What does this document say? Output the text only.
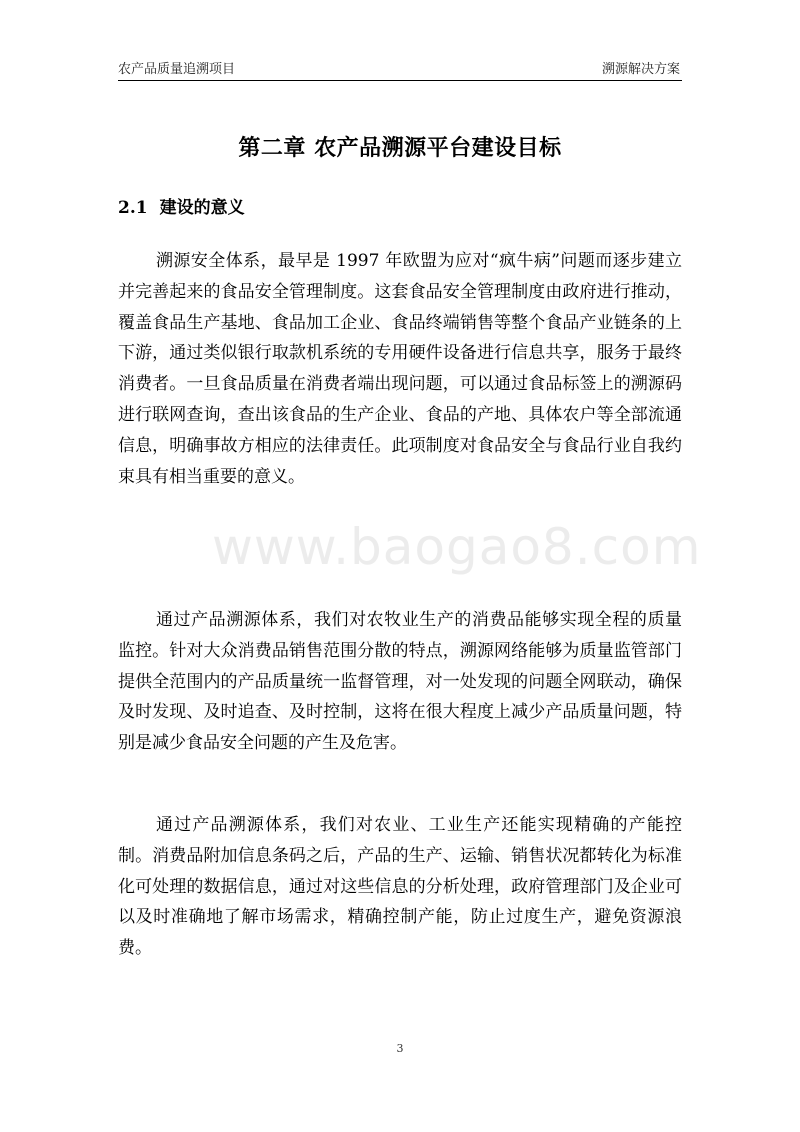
农产品质量追溯项目	溯源解决方案
第二章 农产品溯源平台建设目标
2.1 建设的意义
www.baogao8.com

溯源安全体系，最早是 1997 年欧盟为应对“疯牛病”问题而逐步建立并完善起来的食品安全管理制度。这套食品安全管理制度由政府进行推动，覆盖食品生产基地、食品加工企业、食品终端销售等整个食品产业链条的上下游，通过类似银行取款机系统的专用硬件设备进行信息共享，服务于最终消费者。一旦食品质量在消费者端出现问题，可以通过食品标签上的溯源码进行联网查询，查出该食品的生产企业、食品的产地、具体农户等全部流通信息，明确事故方相应的法律责任。此项制度对食品安全与食品行业自我约束具有相当重要的意义。

通过产品溯源体系，我们对农牧业生产的消费品能够实现全程的质量监控。针对大众消费品销售范围分散的特点，溯源网络能够为质量监管部门提供全范围内的产品质量统一监督管理，对一处发现的问题全网联动，确保及时发现、及时追查、及时控制，这将在很大程度上减少产品质量问题，特别是减少食品安全问题的产生及危害。

通过产品溯源体系，我们对农业、工业生产还能实现精确的产能控制。消费品附加信息条码之后，产品的生产、运输、销售状况都转化为标准化可处理的数据信息，通过对这些信息的分析处理，政府管理部门及企业可以及时准确地了解市场需求，精确控制产能，防止过度生产，避免资源浪费。

3
